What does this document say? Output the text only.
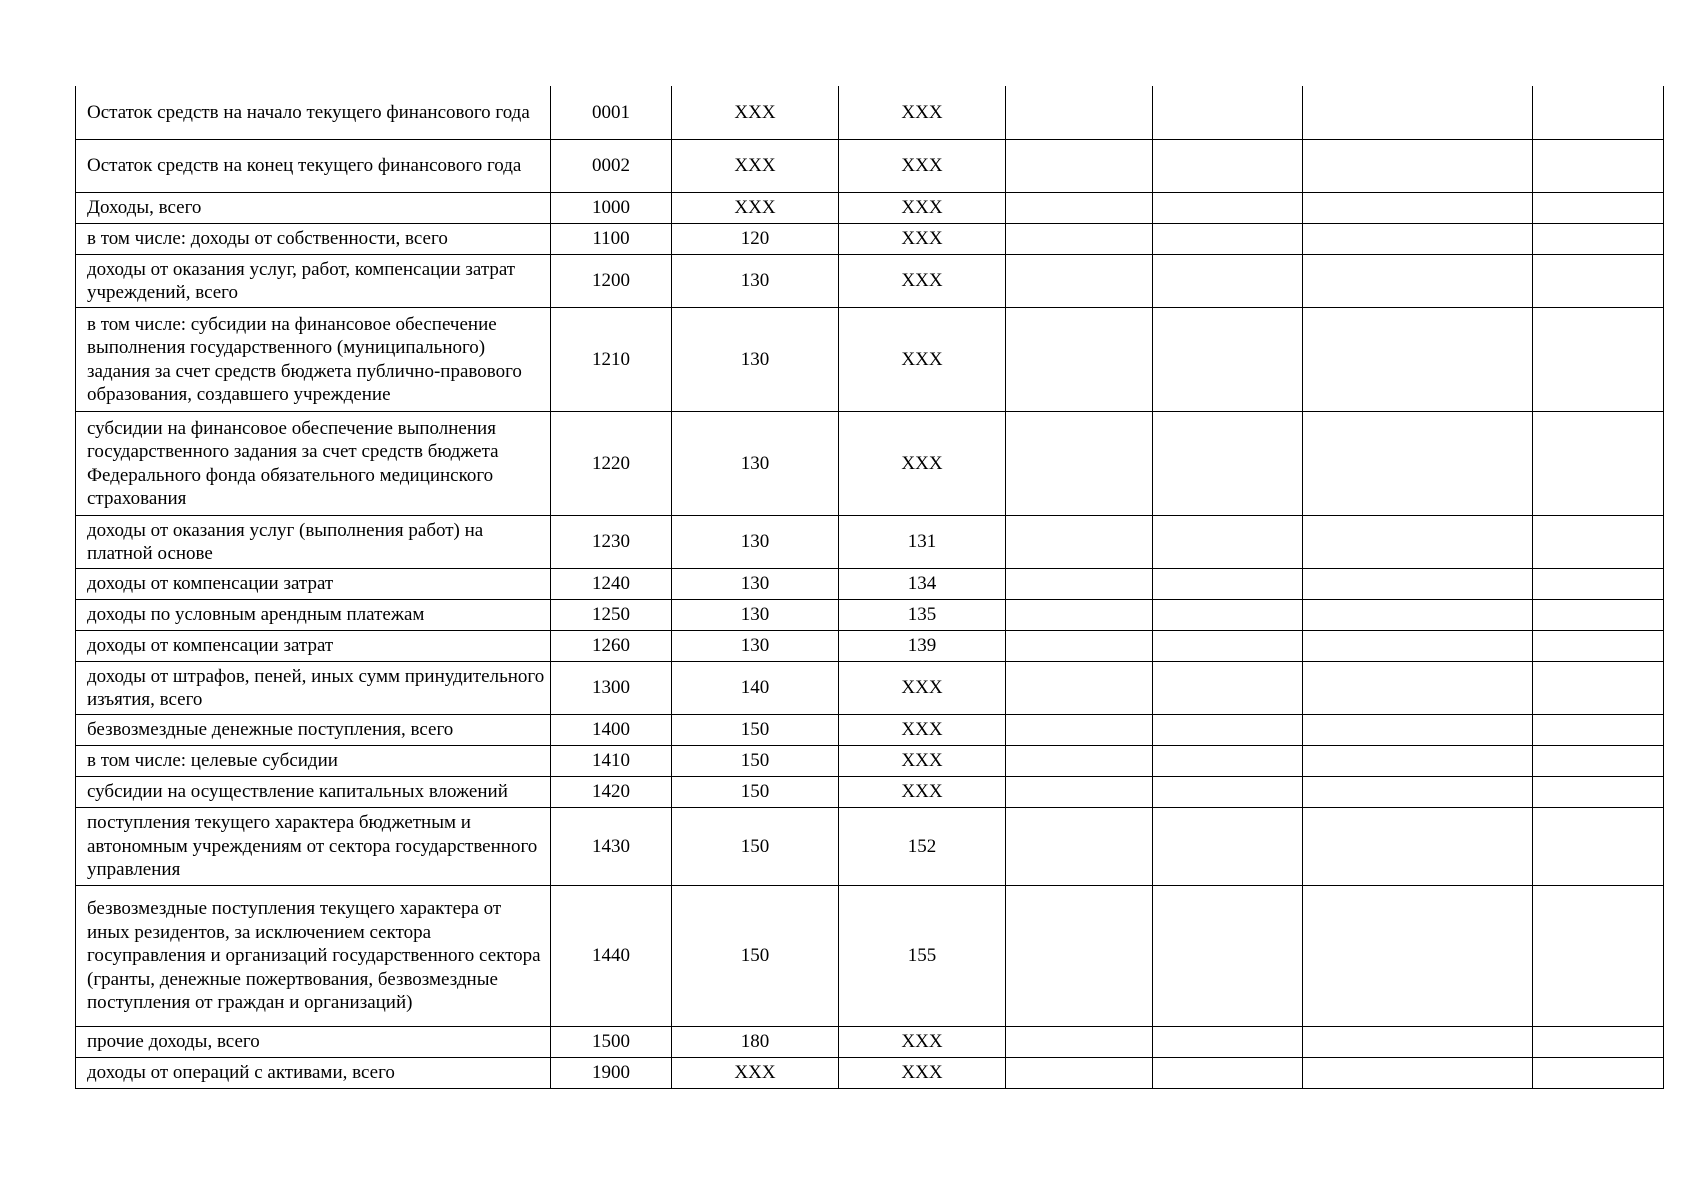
Остаток средств на начало текущего финансового года	0001	XXX	XXX				
Остаток средств на конец текущего финансового года	0002	XXX	XXX				
Доходы, всего	1000	XXX	XXX				
в том числе: доходы от собственности, всего	1100	120	XXX				
доходы от оказания услуг, работ, компенсации затрат учреждений, всего	1200	130	XXX				
в том числе: субсидии на финансовое обеспечение выполнения государственного (муниципального) задания за счет средств бюджета публично-правового образования, создавшего учреждение	1210	130	XXX				
субсидии на финансовое обеспечение выполнения государственного задания за счет средств бюджета Федерального фонда обязательного медицинского страхования	1220	130	XXX				
доходы от оказания услуг (выполнения работ) на платной основе	1230	130	131				
доходы от компенсации затрат	1240	130	134				
доходы по условным арендным платежам	1250	130	135				
доходы от компенсации затрат	1260	130	139				
доходы от штрафов, пеней, иных сумм принудительного изъятия, всего	1300	140	XXX				
безвозмездные денежные поступления, всего	1400	150	XXX				
в том числе: целевые субсидии	1410	150	XXX				
субсидии на осуществление капитальных вложений	1420	150	XXX				
поступления текущего характера бюджетным и автономным учреждениям от сектора государственного управления	1430	150	152				
безвозмездные поступления текущего характера от иных резидентов, за исключением сектора госуправления и организаций государственного сектора (гранты, денежные пожертвования, безвозмездные поступления от граждан и организаций)	1440	150	155				
прочие доходы, всего	1500	180	XXX				
доходы от операций с активами, всего	1900	XXX	XXX				
